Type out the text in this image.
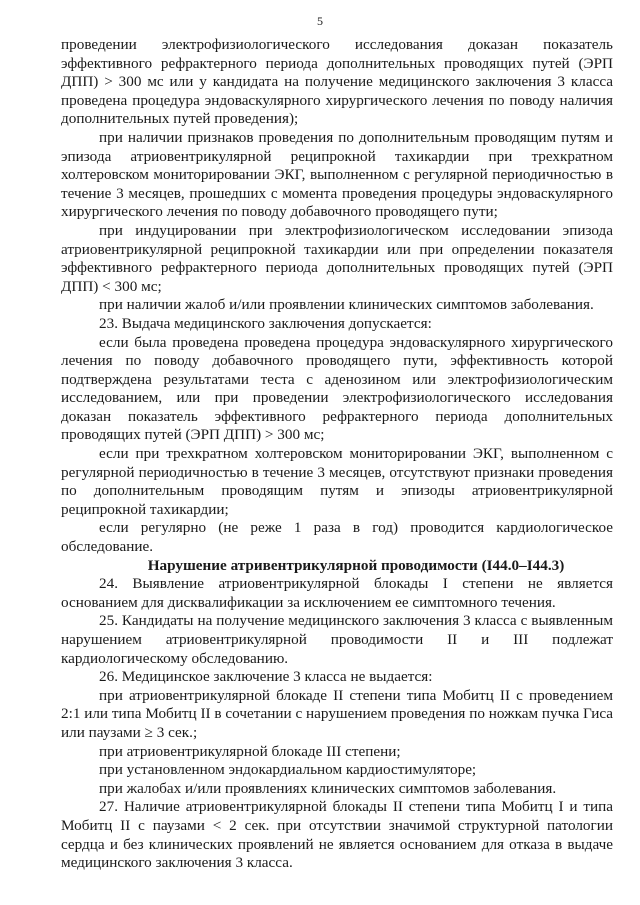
5

проведении электрофизиологического исследования доказан показатель эффективного рефрактерного периода дополнительных проводящих путей (ЭРП ДПП) > 300 мс или у кандидата на получение медицинского заключения 3 класса проведена процедура эндоваскулярного хирургического лечения по поводу наличия дополнительных путей проведения);

при наличии признаков проведения по дополнительным проводящим путям и эпизода атриовентрикулярной реципрокной тахикардии при трехкратном холтеровском мониторировании ЭКГ, выполненном с регулярной периодичностью в течение 3 месяцев, прошедших с момента проведения процедуры эндоваскулярного хирургического лечения по поводу добавочного проводящего пути;

при индуцировании при электрофизиологическом исследовании эпизода атриовентрикулярной реципрокной тахикардии или при определении показателя эффективного рефрактерного периода дополнительных проводящих путей (ЭРП ДПП) < 300 мс;

при наличии жалоб и/или проявлении клинических симптомов заболевания.

23. Выдача медицинского заключения допускается:

если была проведена проведена процедура эндоваскулярного хирургического лечения по поводу добавочного проводящего пути, эффективность которой подтверждена результатами теста с аденозином или электрофизиологическим исследованием, или при проведении электрофизиологического исследования доказан показатель эффективного рефрактерного периода дополнительных проводящих путей (ЭРП ДПП) > 300 мс;

если при трехкратном холтеровском мониторировании ЭКГ, выполненном с регулярной периодичностью в течение 3 месяцев, отсутствуют признаки проведения по дополнительным проводящим путям и эпизоды атриовентрикулярной реципрокной тахикардии;

если регулярно (не реже 1 раза в год) проводится кардиологическое обследование.

Нарушение атривентрикулярной проводимости (I44.0–I44.3)

24. Выявление атриовентрикулярной блокады I степени не является основанием для дисквалификации за исключением ее симптомного течения.

25. Кандидаты на получение медицинского заключения 3 класса с выявленным нарушением атриовентрикулярной проводимости II и III подлежат кардиологическому обследованию.

26. Медицинское заключение 3 класса не выдается:

при атриовентрикулярной блокаде II степени типа Мобитц II с проведением 2:1 или типа Мобитц II в сочетании с нарушением проведения по ножкам пучка Гиса или паузами ≥ 3 сек.;

при атриовентрикулярной блокаде III степени;

при установленном эндокардиальном кардиостимуляторе;

при жалобах и/или проявлениях клинических симптомов заболевания.

27. Наличие атриовентрикулярной блокады II степени типа Мобитц I и типа Мобитц II с паузами < 2 сек. при отсутствии значимой структурной патологии сердца и без клинических проявлений не является основанием для отказа в выдаче медицинского заключения 3 класса.
